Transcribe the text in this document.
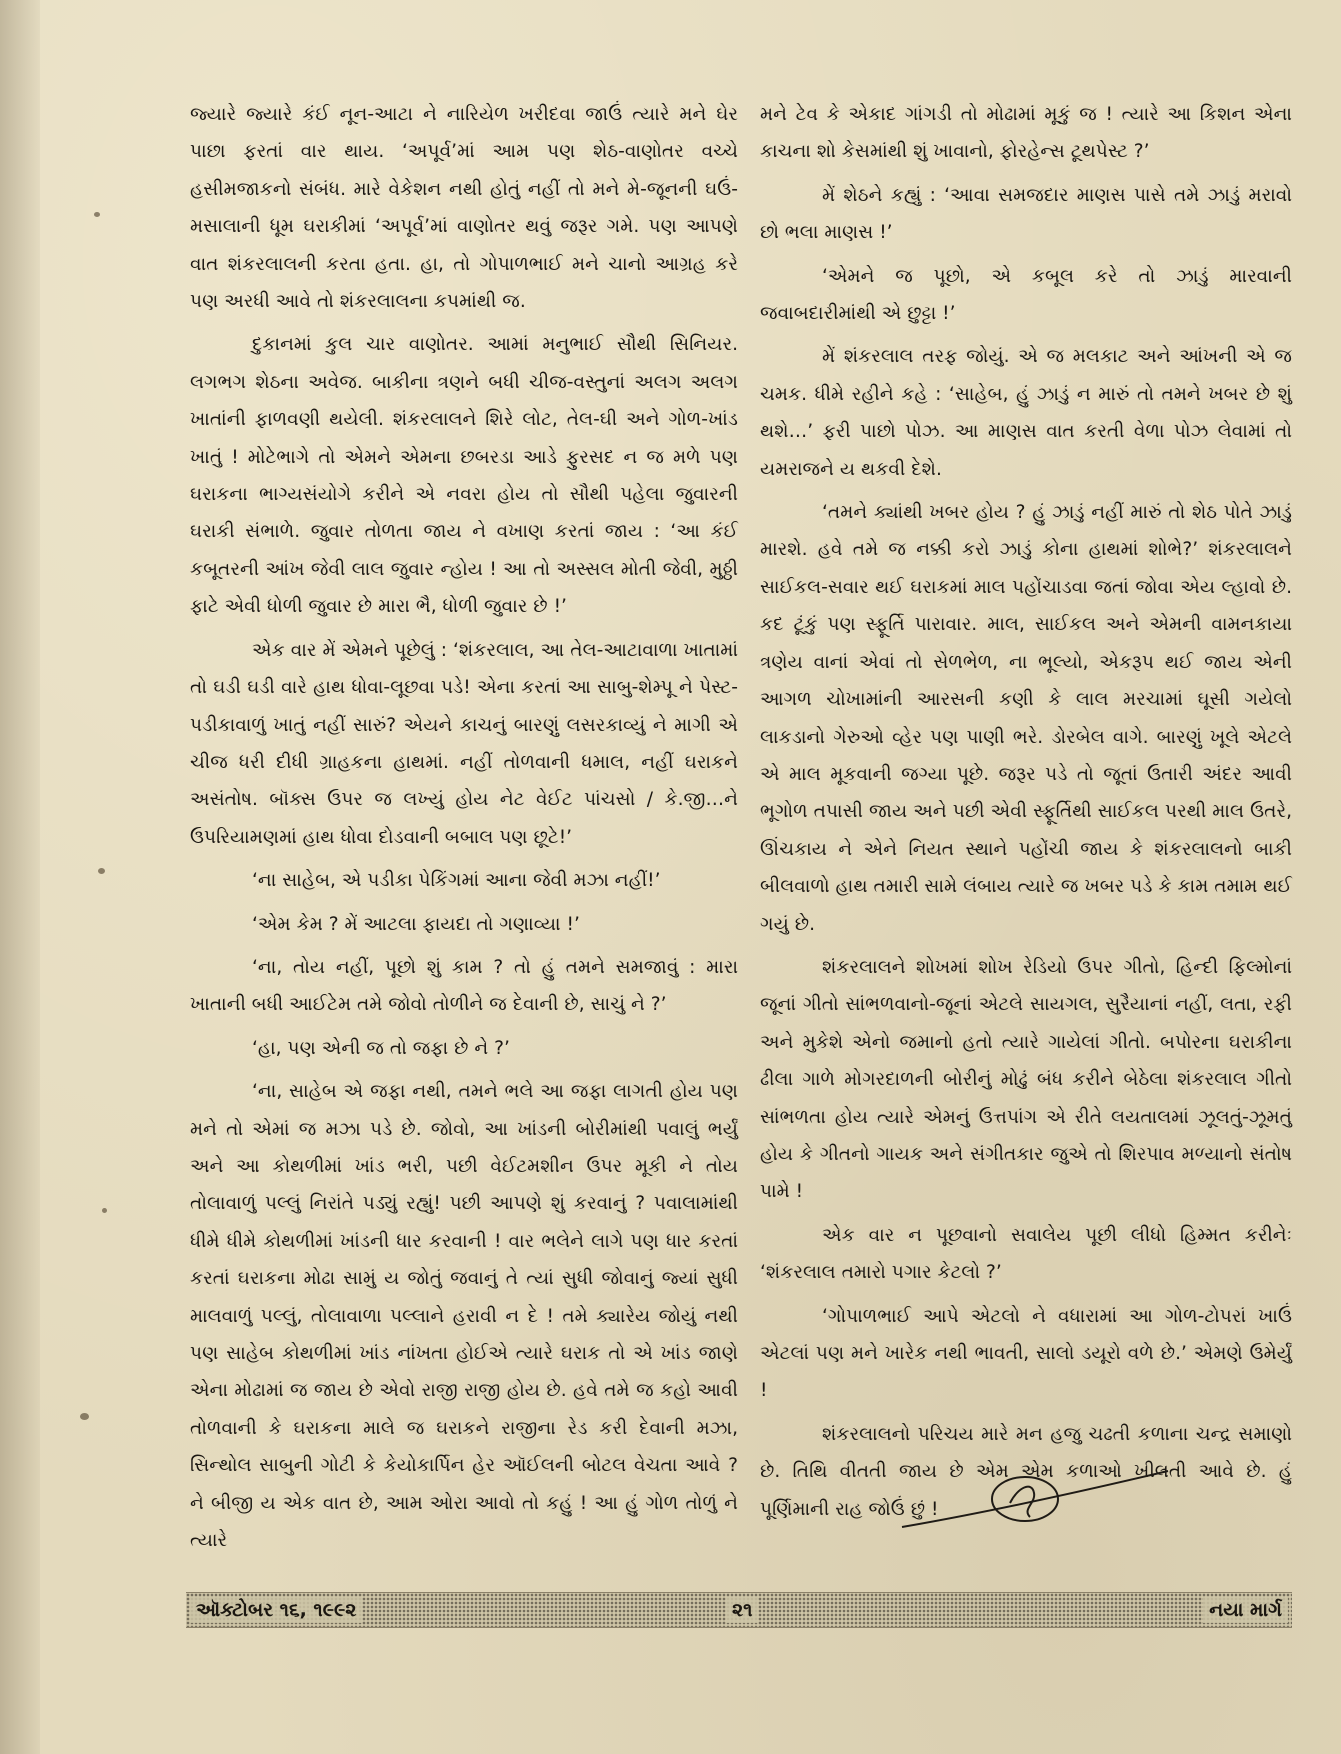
જ્યારે જ્યારે કંઈ નૂન-આટા ને નારિયેળ ખરીદવા જાઉં ત્યારે મને ઘેર પાછા ફરતાં વાર થાય. ‘અપૂર્વ’માં આમ પણ શેઠ-વાણોતર વચ્ચે હસીમજાકનો સંબંધ. મારે વેકેશન નથી હોતું નહીં તો મને મે-જૂનની ઘઉં-મસાલાની ધૂમ ઘરાકીમાં ‘અપૂર્વ’માં વાણોતર થવું જરૂર ગમે. પણ આપણે વાત શંકરલાલની કરતા હતા. હા, તો ગોપાળભાઈ મને ચાનો આગ્રહ કરે પણ અરધી આવે તો શંકરલાલના કપમાંથી જ.

દુકાનમાં કુલ ચાર વાણોતર. આમાં મનુભાઈ સૌથી સિનિયર. લગભગ શેઠના અવેજ. બાકીના ત્રણને બધી ચીજ-વસ્તુનાં અલગ અલગ ખાતાંની ફાળવણી થયેલી. શંકરલાલને શિરે લોટ, તેલ-ઘી અને ગોળ-ખાંડ ખાતું ! મોટેભાગે તો એમને એમના છબરડા આડે ફુરસદ ન જ મળે પણ ઘરાકના ભાગ્યસંયોગે કરીને એ નવરા હોય તો સૌથી પહેલા જુવારની ઘરાકી સંભાળે. જુવાર તોળતા જાય ને વખાણ કરતાં જાય : ‘આ કંઈ કબૂતરની આંખ જેવી લાલ જુવાર ન્હોય ! આ તો અસ્સલ મોતી જેવી, મુઠ્ઠી ફાટે એવી ધોળી જુવાર છે મારા ભૈ, ધોળી જુવાર છે !’

એક વાર મેં એમને પૂછેલું : ‘શંકરલાલ, આ તેલ-આટાવાળા ખાતામાં તો ઘડી ઘડી વારે હાથ ધોવા-લૂછવા પડે! એના કરતાં આ સાબુ-શેમ્પૂ ને પેસ્ટ-પડીકાવાળું ખાતું નહીં સારું? એયને કાચનું બારણું લસરકાવ્યું ને માગી એ ચીજ ધરી દીધી ગ્રાહકના હાથમાં. નહીં તોળવાની ધમાલ, નહીં ઘરાકને અસંતોષ. બૉક્સ ઉપર જ લખ્યું હોય નેટ વેઈટ પાંચસો / કે.જી…ને ઉપરિયામણમાં હાથ ધોવા દોડવાની બબાલ પણ છૂટે!’

‘ના સાહેબ, એ પડીકા પેકિંગમાં આના જેવી મઝા નહીં!’

‘એમ કેમ ? મેં આટલા ફાયદા તો ગણાવ્યા !’

‘ના, તોય નહીં, પૂછો શું કામ ? તો હું તમને સમજાવું : મારા ખાતાની બધી આઈટેમ તમે જોવો તોળીને જ દેવાની છે, સાચું ને ?’

‘હા, પણ એની જ તો જફા છે ને ?’

‘ના, સાહેબ એ જફા નથી, તમને ભલે આ જફા લાગતી હોય પણ મને તો એમાં જ મઝા પડે છે. જોવો, આ ખાંડની બોરીમાંથી પવાલું ભર્યું અને આ કોથળીમાં ખાંડ ભરી, પછી વેઈટમશીન ઉપર મૂકી ને તોય તોલાવાળું પલ્લું નિરાંતે પડ્યું રહ્યું! પછી આપણે શું કરવાનું ? પવાલામાંથી ધીમે ધીમે કોથળીમાં ખાંડની ધાર કરવાની ! વાર ભલેને લાગે પણ ધાર કરતાં કરતાં ઘરાકના મોઢા સામું ય જોતું જવાનું તે ત્યાં સુધી જોવાનું જ્યાં સુધી માલવાળું પલ્લું, તોલાવાળા પલ્લાને હરાવી ન દે ! તમે ક્યારેય જોયું નથી પણ સાહેબ કોથળીમાં ખાંડ નાંખતા હોઈએ ત્યારે ઘરાક તો એ ખાંડ જાણે એના મોઢામાં જ જાય છે એવો રાજી રાજી હોય છે. હવે તમે જ કહો આવી તોળવાની કે ઘરાકના માલે જ ઘરાકને રાજીના રેડ કરી દેવાની મઝા, સિન્થોલ સાબુની ગોટી કે કેયોકાર્પિન હેર ઑઈલની બોટલ વેચતા આવે ? ને બીજી ય એક વાત છે, આમ ઓરા આવો તો કહું ! આ હું ગોળ તોળું ને ત્યારે

મને ટેવ કે એકાદ ગાંગડી તો મોઢામાં મૂકું જ ! ત્યારે આ કિશન એના કાચના શો કેસમાંથી શું ખાવાનો, ફોરહેન્સ ટૂથપેસ્ટ ?’

મેં શેઠને કહ્યું : ‘આવા સમજદાર માણસ પાસે તમે ઝાડું મરાવો છો ભલા માણસ !’

‘એમને જ પૂછો, એ કબૂલ કરે તો ઝાડું મારવાની જવાબદારીમાંથી એ છુટ્ટા !’

મેં શંકરલાલ તરફ જોયું. એ જ મલકાટ અને આંખની એ જ ચમક. ધીમે રહીને કહે : ‘સાહેબ, હું ઝાડું ન મારું તો તમને ખબર છે શું થશે…’ ફરી પાછો પોઝ. આ માણસ વાત કરતી વેળા પોઝ લેવામાં તો યમરાજને ય થકવી દેશે.

‘તમને ક્યાંથી ખબર હોય ? હું ઝાડું નહીં મારું તો શેઠ પોતે ઝાડું મારશે. હવે તમે જ નક્કી કરો ઝાડું કોના હાથમાં શોભે?’ શંકરલાલને સાઈકલ-સવાર થઈ ઘરાકમાં માલ પહોંચાડવા જતાં જોવા એય લ્હાવો છે. કદ ટૂંકું પણ સ્ફૂર્તિ પારાવાર. માલ, સાઈકલ અને એમની વામનકાયા ત્રણેય વાનાં એવાં તો સેળભેળ, ના ભૂલ્યો, એકરૂપ થઈ જાય એની આગળ ચોખામાંની આરસની કણી કે લાલ મરચામાં ઘૂસી ગયેલો લાકડાનો ગેરુઓ વ્હેર પણ પાણી ભરે. ડોરબેલ વાગે. બારણું ખૂલે એટલે એ માલ મૂકવાની જગ્યા પૂછે. જરૂર પડે તો જૂતાં ઉતારી અંદર આવી ભૂગોળ તપાસી જાય અને પછી એવી સ્ફૂર્તિથી સાઈકલ પરથી માલ ઉતરે, ઊંચકાય ને એને નિયત સ્થાને પહોંચી જાય કે શંકરલાલનો બાકી બીલવાળો હાથ તમારી સામે લંબાય ત્યારે જ ખબર પડે કે કામ તમામ થઈ ગયું છે.

શંકરલાલને શોખમાં શોખ રેડિયો ઉપર ગીતો, હિન્દી ફિલ્મોનાં જૂનાં ગીતો સાંભળવાનો-જૂનાં એટલે સાયગલ, સુરૈયાનાં નહીં, લતા, રફી અને મુકેશે એનો જમાનો હતો ત્યારે ગાયેલાં ગીતો. બપોરના ઘરાકીના ઢીલા ગાળે મોગરદાળની બોરીનું મોઢું બંધ કરીને બેઠેલા શંકરલાલ ગીતો સાંભળતા હોય ત્યારે એમનું ઉત્તપાંગ એ રીતે લયતાલમાં ઝૂલતું-ઝૂમતું હોય કે ગીતનો ગાયક અને સંગીતકાર જુએ તો શિરપાવ મળ્યાનો સંતોષ પામે !

એક વાર ન પૂછવાનો સવાલેય પૂછી લીધો હિમ્મત કરીનેઃ ‘શંકરલાલ તમારો પગાર કેટલો ?’

‘ગોપાળભાઈ આપે એટલો ને વધારામાં આ ગોળ-ટોપરાં ખાઉં એટલાં પણ મને ખારેક નથી ભાવતી, સાલો ડયૂરો વળે છે.’ એમણે ઉમેર્યું !

શંકરલાલનો પરિચય મારે મન હજુ ચઢતી કળાના ચન્દ્ર સમાણો છે. તિથિ વીતતી જાય છે એમ એમ કળાઓ ખીલતી આવે છે. હું પૂર્ણિમાની રાહ જોઉં છું !

ઑક્ટોબર ૧૬, ૧૯૯૨	૨૧	નયા માર્ગ
